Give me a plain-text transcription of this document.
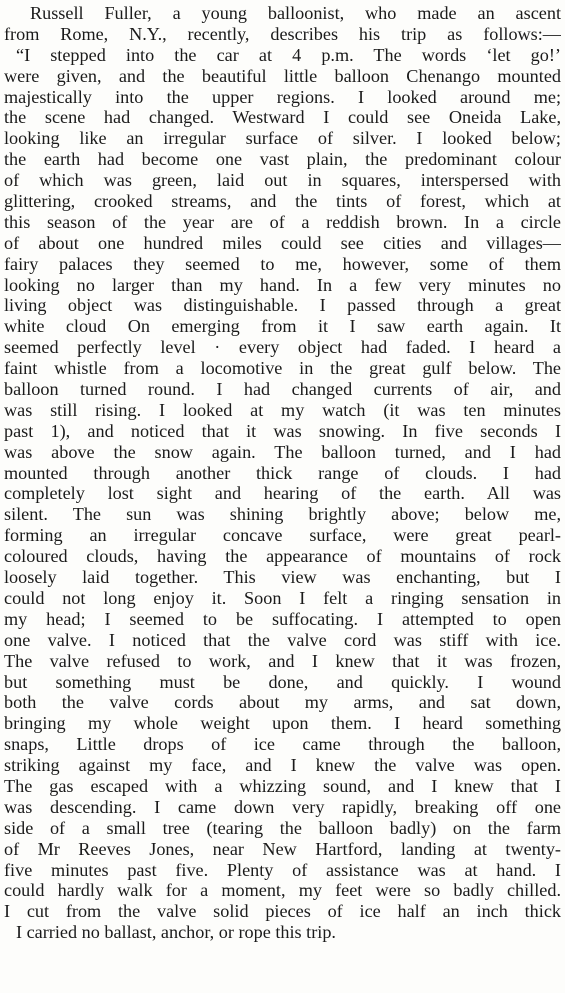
Russell Fuller, a young balloonist, who made an ascent
from Rome, N.Y., recently, describes his trip as follows:—
“I stepped into the car at 4 p.m. The words ‘let go!’
were given, and the beautiful little balloon Chenango mounted
majestically into the upper regions. I looked around me;
the scene had changed. Westward I could see Oneida Lake,
looking like an irregular surface of silver. I looked below;
the earth had become one vast plain, the predominant colour
of which was green, laid out in squares, interspersed with
glittering, crooked streams, and the tints of forest, which at
this season of the year are of a reddish brown. In a circle
of about one hundred miles could see cities and villages—
fairy palaces they seemed to me, however, some of them
looking no larger than my hand. In a few very minutes no
living object was distinguishable. I passed through a great
white cloud On emerging from it I saw earth again. It
seemed perfectly level · every object had faded. I heard a
faint whistle from a locomotive in the great gulf below. The
balloon turned round. I had changed currents of air, and
was still rising. I looked at my watch (it was ten minutes
past 1), and noticed that it was snowing. In five seconds I
was above the snow again. The balloon turned, and I had
mounted through another thick range of clouds. I had
completely lost sight and hearing of the earth. All was
silent. The sun was shining brightly above; below me,
forming an irregular concave surface, were great pearl-
coloured clouds, having the appearance of mountains of rock
loosely laid together. This view was enchanting, but I
could not long enjoy it. Soon I felt a ringing sensation in
my head; I seemed to be suffocating. I attempted to open
one valve. I noticed that the valve cord was stiff with ice.
The valve refused to work, and I knew that it was frozen,
but something must be done, and quickly. I wound
both the valve cords about my arms, and sat down,
bringing my whole weight upon them. I heard something
snaps, Little drops of ice came through the balloon,
striking against my face, and I knew the valve was open.
The gas escaped with a whizzing sound, and I knew that I
was descending. I came down very rapidly, breaking off one
side of a small tree (tearing the balloon badly) on the farm
of Mr Reeves Jones, near New Hartford, landing at twenty-
five minutes past five. Plenty of assistance was at hand. I
could hardly walk for a moment, my feet were so badly chilled.
I cut from the valve solid pieces of ice half an inch thick
I carried no ballast, anchor, or rope this trip.
